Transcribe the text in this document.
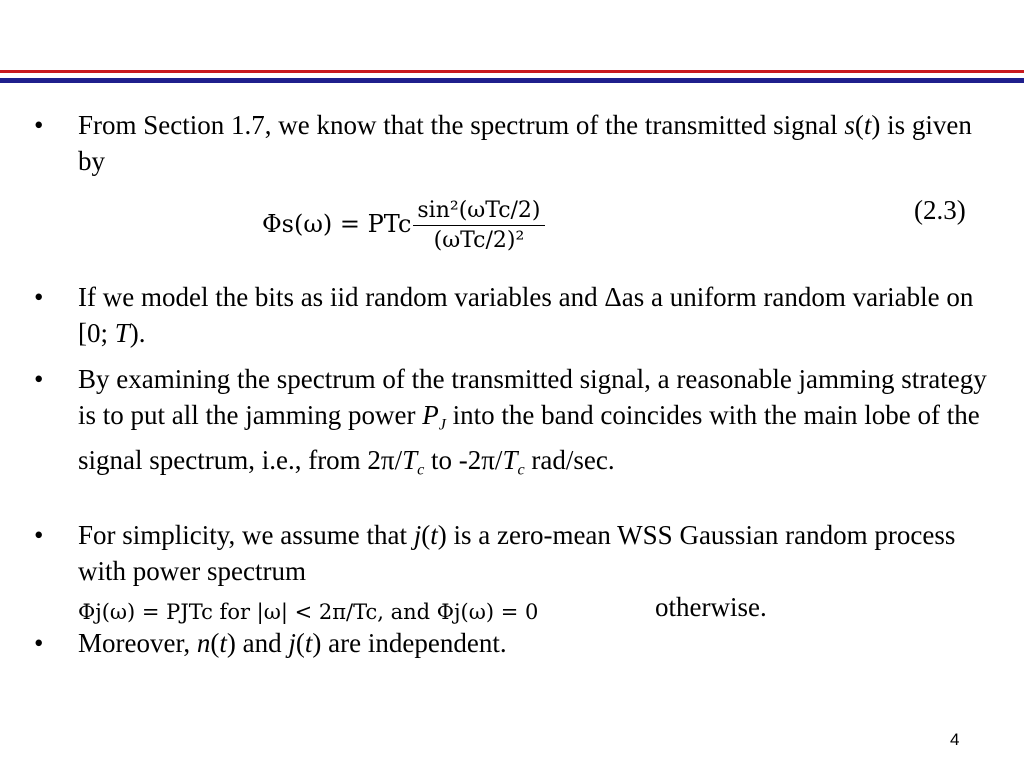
• From Section 1.7, we know that the spectrum of the transmitted signal s(t) is given by
• If we model the bits as iid random variables and Δas a uniform random variable on [0; T).
• By examining the spectrum of the transmitted signal, a reasonable jamming strategy is to put all the jamming power $P_J$ into the band coincides with the main lobe of the signal spectrum, i.e., from $2\pi/T_c$ to $-2\pi/T_c$ rad/sec.
• For simplicity, we assume that j(t) is a zero-mean WSS Gaussian random process with power spectrum
• Moreover, n(t) and j(t) are independent.
Φs(ω) = PTc $\frac{\text{sin²(ωTc/2)}}{\text{(ωTc/2)²}}$	(2.3)
Φj(ω) = PJTc for |ω| < 2π/Tc, and Φj(ω) = 0	otherwise.
4
